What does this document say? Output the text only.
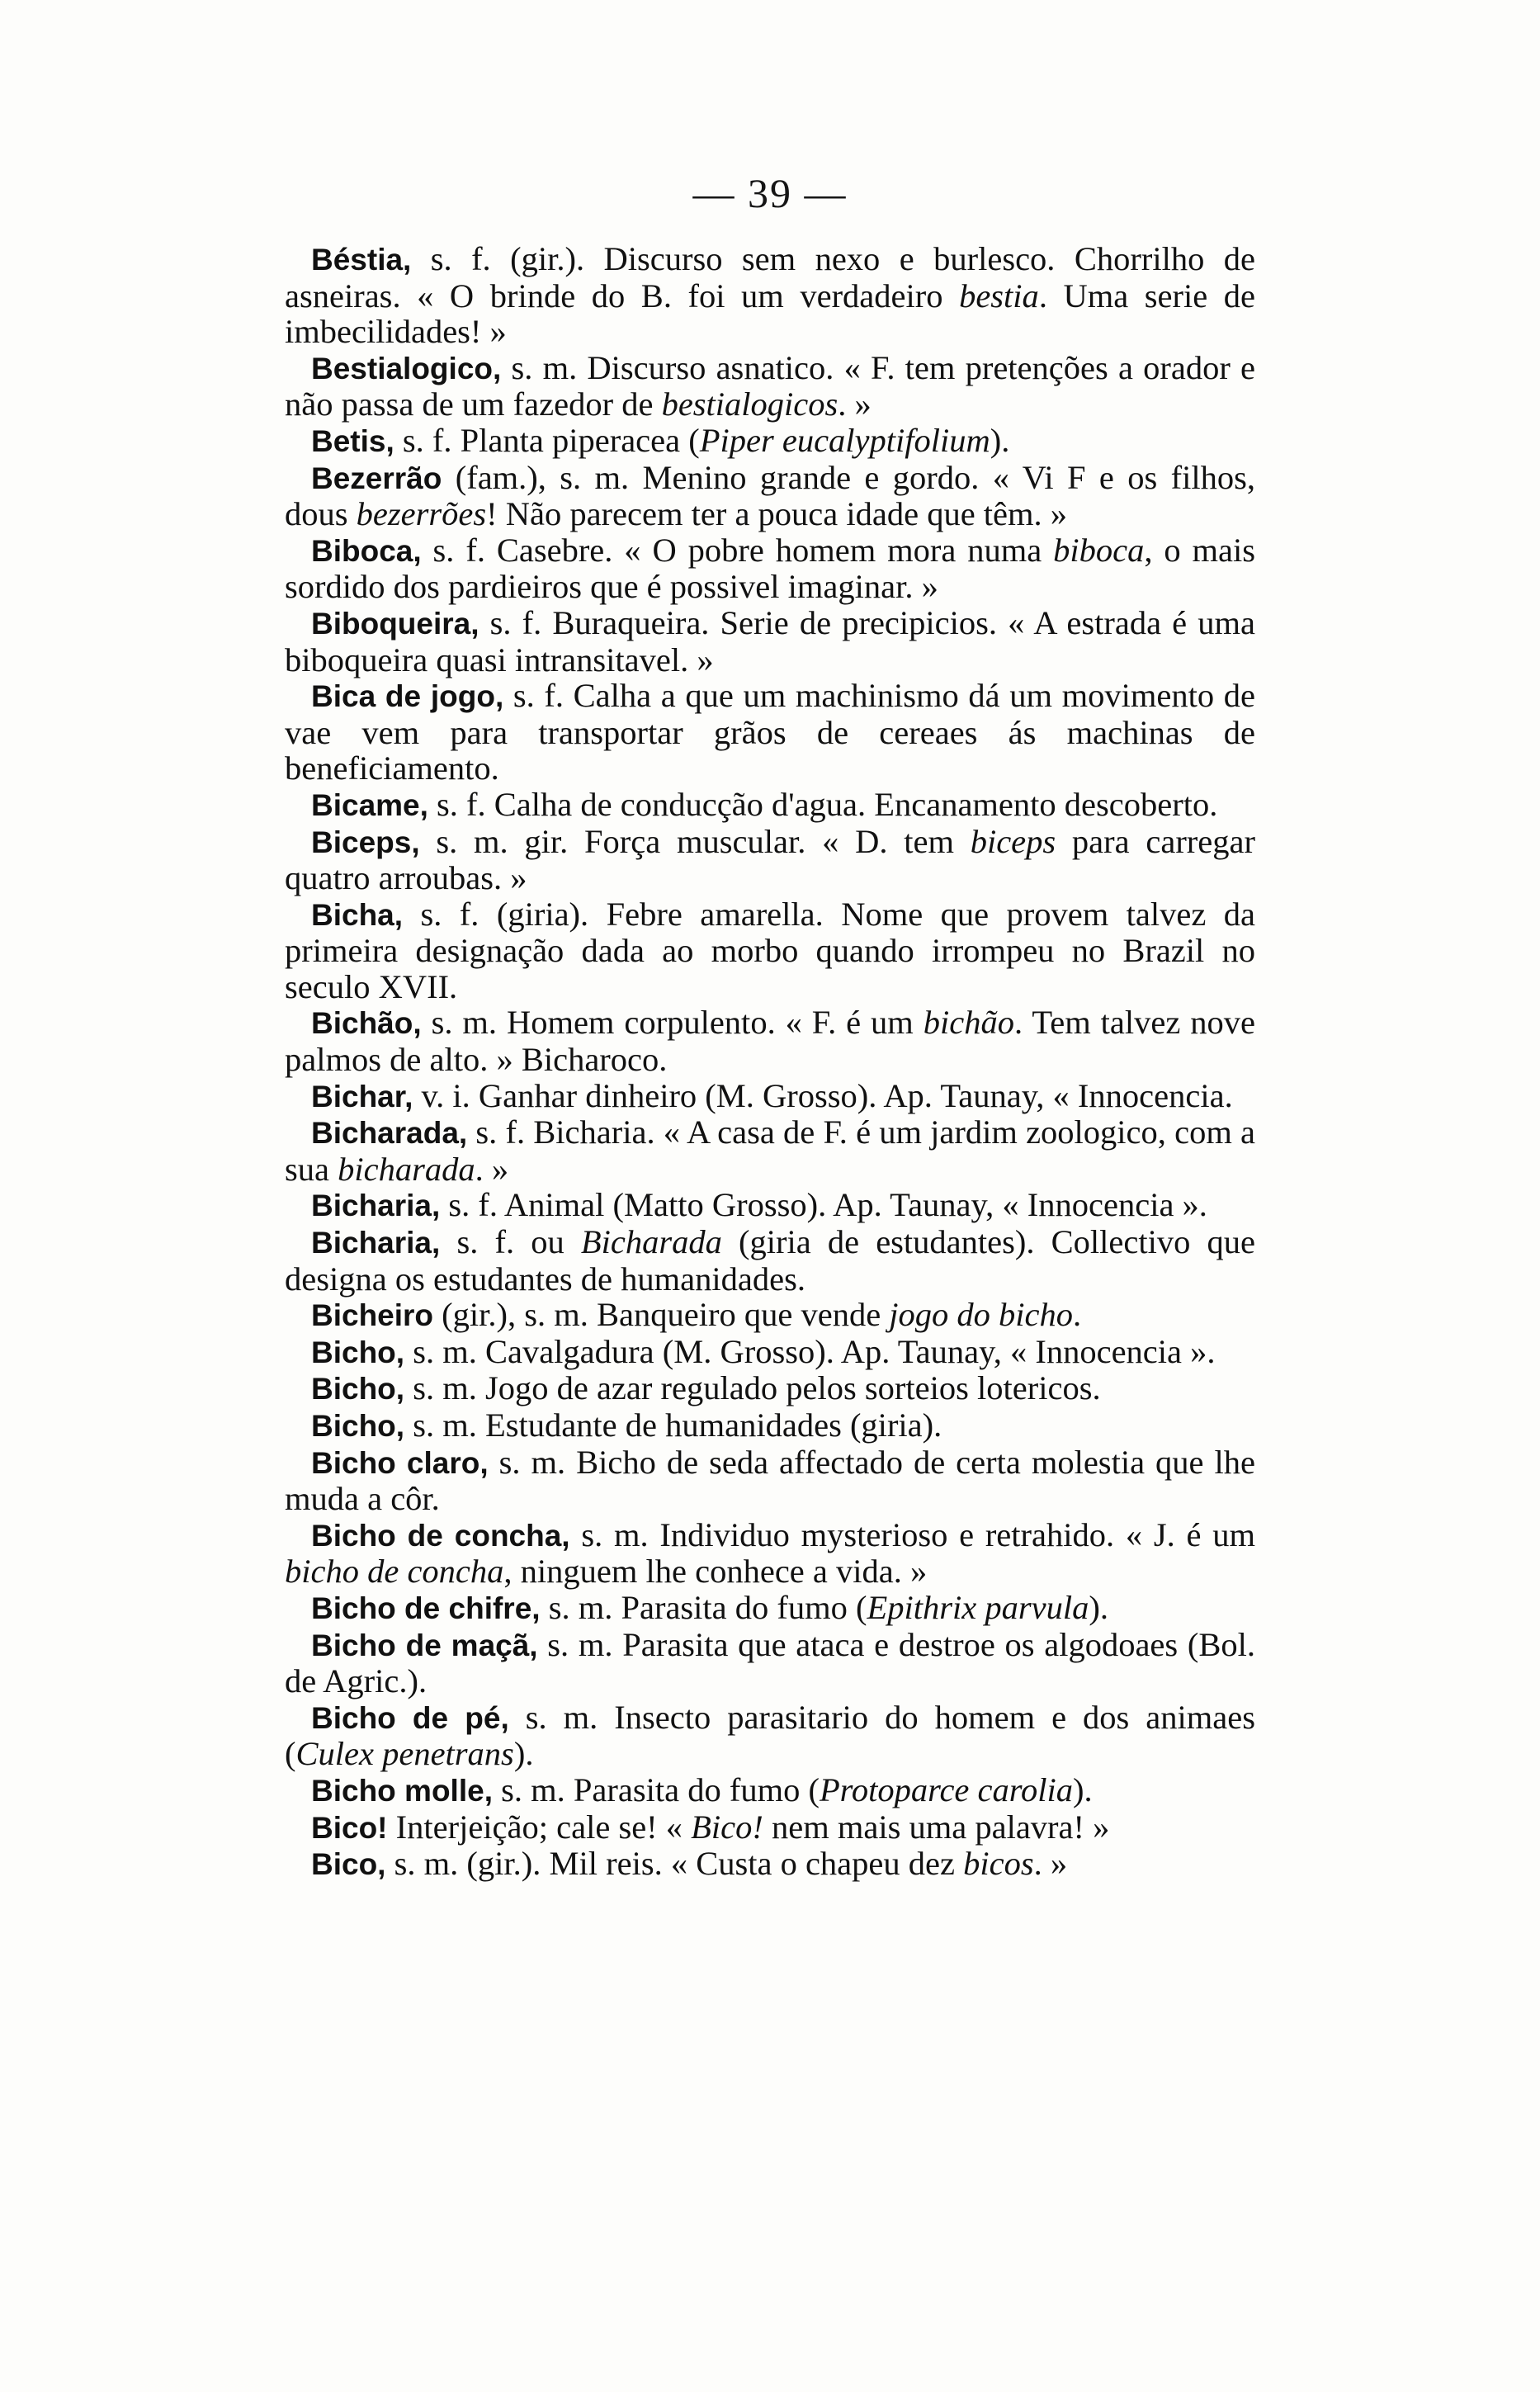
— 39 —

Béstia, s. f. (gir.). Discurso sem nexo e burlesco. Chorrilho de asneiras. « O brinde do B. foi um verdadeiro bestia. Uma serie de imbecilidades! »

Bestialogico, s. m. Discurso asnatico. « F. tem pretenções a orador e não passa de um fazedor de bestialogicos. »

Betis, s. f. Planta piperacea (Piper eucalyptifolium).

Bezerrão (fam.), s. m. Menino grande e gordo. « Vi F e os filhos, dous bezerrões! Não parecem ter a pouca idade que têm. »

Biboca, s. f. Casebre. « O pobre homem mora numa biboca, o mais sordido dos pardieiros que é possivel imaginar. »

Biboqueira, s. f. Buraqueira. Serie de precipicios. « A estrada é uma biboqueira quasi intransitavel. »

Bica de jogo, s. f. Calha a que um machinismo dá um movimento de vae vem para transportar grãos de cereaes ás machinas de beneficiamento.

Bicame, s. f. Calha de conducção d'agua. Encanamento descoberto.

Biceps, s. m. gir. Força muscular. « D. tem biceps para carregar quatro arroubas. »

Bicha, s. f. (giria). Febre amarella. Nome que provem talvez da primeira designação dada ao morbo quando irrompeu no Brazil no seculo XVII.

Bichão, s. m. Homem corpulento. « F. é um bichão. Tem talvez nove palmos de alto. » Bicharoco.

Bichar, v. i. Ganhar dinheiro (M. Grosso). Ap. Taunay, « Innocencia.

Bicharada, s. f. Bicharia. « A casa de F. é um jardim zoologico, com a sua bicharada. »

Bicharia, s. f. Animal (Matto Grosso). Ap. Taunay, « Innocencia ».

Bicharia, s. f. ou Bicharada (giria de estudantes). Collectivo que designa os estudantes de humanidades.

Bicheiro (gir.), s. m. Banqueiro que vende jogo do bicho.

Bicho, s. m. Cavalgadura (M. Grosso). Ap. Taunay, « Innocencia ».

Bicho, s. m. Jogo de azar regulado pelos sorteios lotericos.

Bicho, s. m. Estudante de humanidades (giria).

Bicho claro, s. m. Bicho de seda affectado de certa molestia que lhe muda a côr.

Bicho de concha, s. m. Individuo mysterioso e retrahido. « J. é um bicho de concha, ninguem lhe conhece a vida. »

Bicho de chifre, s. m. Parasita do fumo (Epithrix parvula).

Bicho de maçã, s. m. Parasita que ataca e destroe os algodoaes (Bol. de Agric.).

Bicho de pé, s. m. Insecto parasitario do homem e dos animaes (Culex penetrans).

Bicho molle, s. m. Parasita do fumo (Protoparce carolia).

Bico! Interjeição; cale se! « Bico! nem mais uma palavra! »

Bico, s. m. (gir.). Mil reis. « Custa o chapeu dez bicos. »
